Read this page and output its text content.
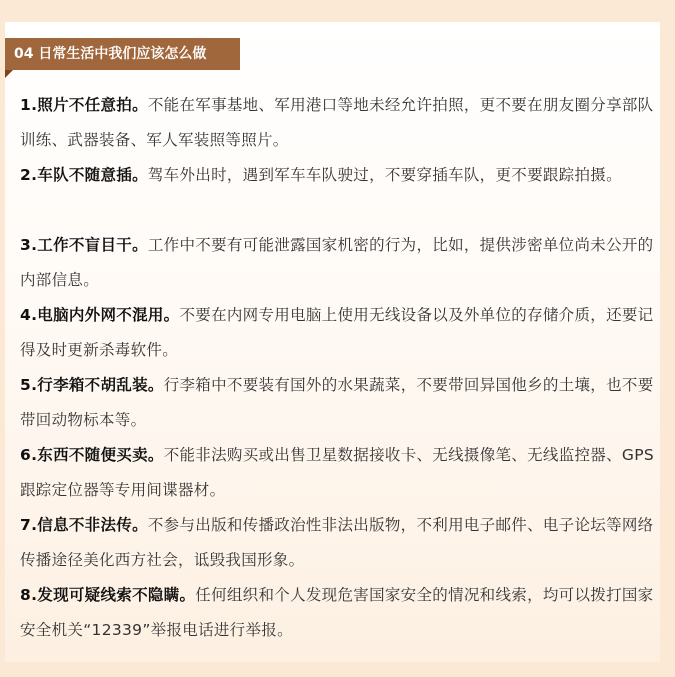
04 日常生活中我们应该怎么做
1.照片不任意拍。不能在军事基地、军用港口等地未经允许拍照，更不要在朋友圈分享部队训练、武器装备、军人军装照等照片。
2.车队不随意插。驾车外出时，遇到军车车队驶过，不要穿插车队，更不要跟踪拍摄。
3.工作不盲目干。工作中不要有可能泄露国家机密的行为，比如，提供涉密单位尚未公开的内部信息。
4.电脑内外网不混用。不要在内网专用电脑上使用无线设备以及外单位的存储介质，还要记得及时更新杀毒软件。
5.行李箱不胡乱装。行李箱中不要装有国外的水果蔬菜，不要带回异国他乡的土壤，也不要带回动物标本等。
6.东西不随便买卖。不能非法购买或出售卫星数据接收卡、无线摄像笔、无线监控器、GPS跟踪定位器等专用间谍器材。
7.信息不非法传。不参与出版和传播政治性非法出版物，不利用电子邮件、电子论坛等网络传播途径美化西方社会，诋毁我国形象。
8.发现可疑线索不隐瞒。任何组织和个人发现危害国家安全的情况和线索，均可以拨打国家安全机关“12339”举报电话进行举报。
